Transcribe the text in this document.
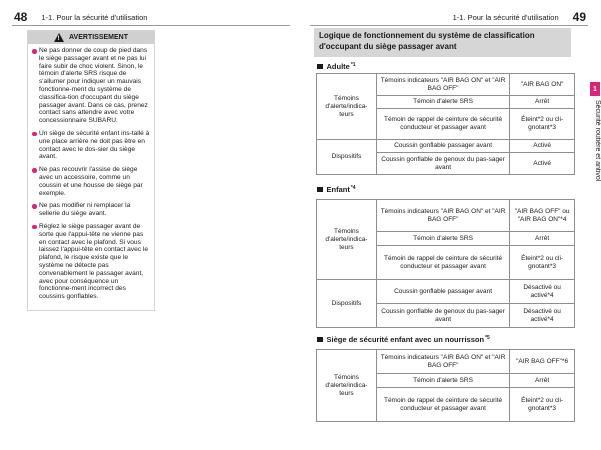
48 1-1. Pour la sécurité d'utilisation
!
AVERTISSEMENT
Ne pas donner de coup de pied dans le siège passager avant et ne pas lui faire subir de choc violent. Sinon, le témoin d'alerte SRS risque de s'allumer pour indiquer un mauvais fonctionne-ment du système de classifica-tion d'occupant du siège passager avant. Dans ce cas, prenez contact sans attendre avec votre concessionnaire SUBARU.
Un siège de sécurité enfant ins-tallé à une place arrière ne doit pas être en contact avec le dos-sier du siège avant.
Ne pas recouvrir l'assise de siège avec un accessoire, comme un coussin et une housse de siège par exemple.
Ne pas modifier ni remplacer la sellerie du siège avant.
Réglez le siège passager avant de sorte que l'appui-tête ne vienne pas en contact avec le plafond. Si vous laissez l'appui-tête en contact avec le plafond, le risque existe que le système ne détecte pas convenablement le passager avant, avec pour conséquence un fonctionne-ment incorrect des coussins gonflables.
1-1. Pour la sécurité d'utilisation 49
Logique de fonctionnement du système de classification d'occupant du siège passager avant
Adulte$^{*1}$
Témoins d'alerte/indica-teurs	Témoins indicateurs "AIR BAG ON" et "AIR BAG OFF"	"AIR BAG ON"
	Témoin d'alerte SRS	Arrêt
	Témoin de rappel de ceinture de sécurité conducteur et passager avant	Éteint*2 ou cli-gnotant*3
Dispositifs	Coussin gonflable passager avant	Activé
	Coussin gonflable de genoux du pas-sager avant	Activé
Enfant$^{*4}$
Témoins d'alerte/indica-teurs	Témoins indicateurs "AIR BAG ON" et "AIR BAG OFF"	"AIR BAG OFF" ou "AIR BAG ON"*4
	Témoin d'alerte SRS	Arrêt
	Témoin de rappel de ceinture de sécurité conducteur et passager avant	Éteint*2 ou cli-gnotant*3
Dispositifs	Coussin gonflable passager avant	Désactivé ou activé*4
	Coussin gonflable de genoux du pas-sager avant	Désactivé ou activé*4
Siège de sécurité enfant avec un nourrisson$^{*5}$
Témoins d'alerte/indica-teurs	Témoins indicateurs "AIR BAG ON" et "AIR BAG OFF"	"AIR BAG OFF"*6
	Témoin d'alerte SRS	Arrêt
	Témoin de rappel de ceinture de sécurité conducteur et passager avant	Éteint*2 ou cli-gnotant*3
1
Sécurité routière et antivol
